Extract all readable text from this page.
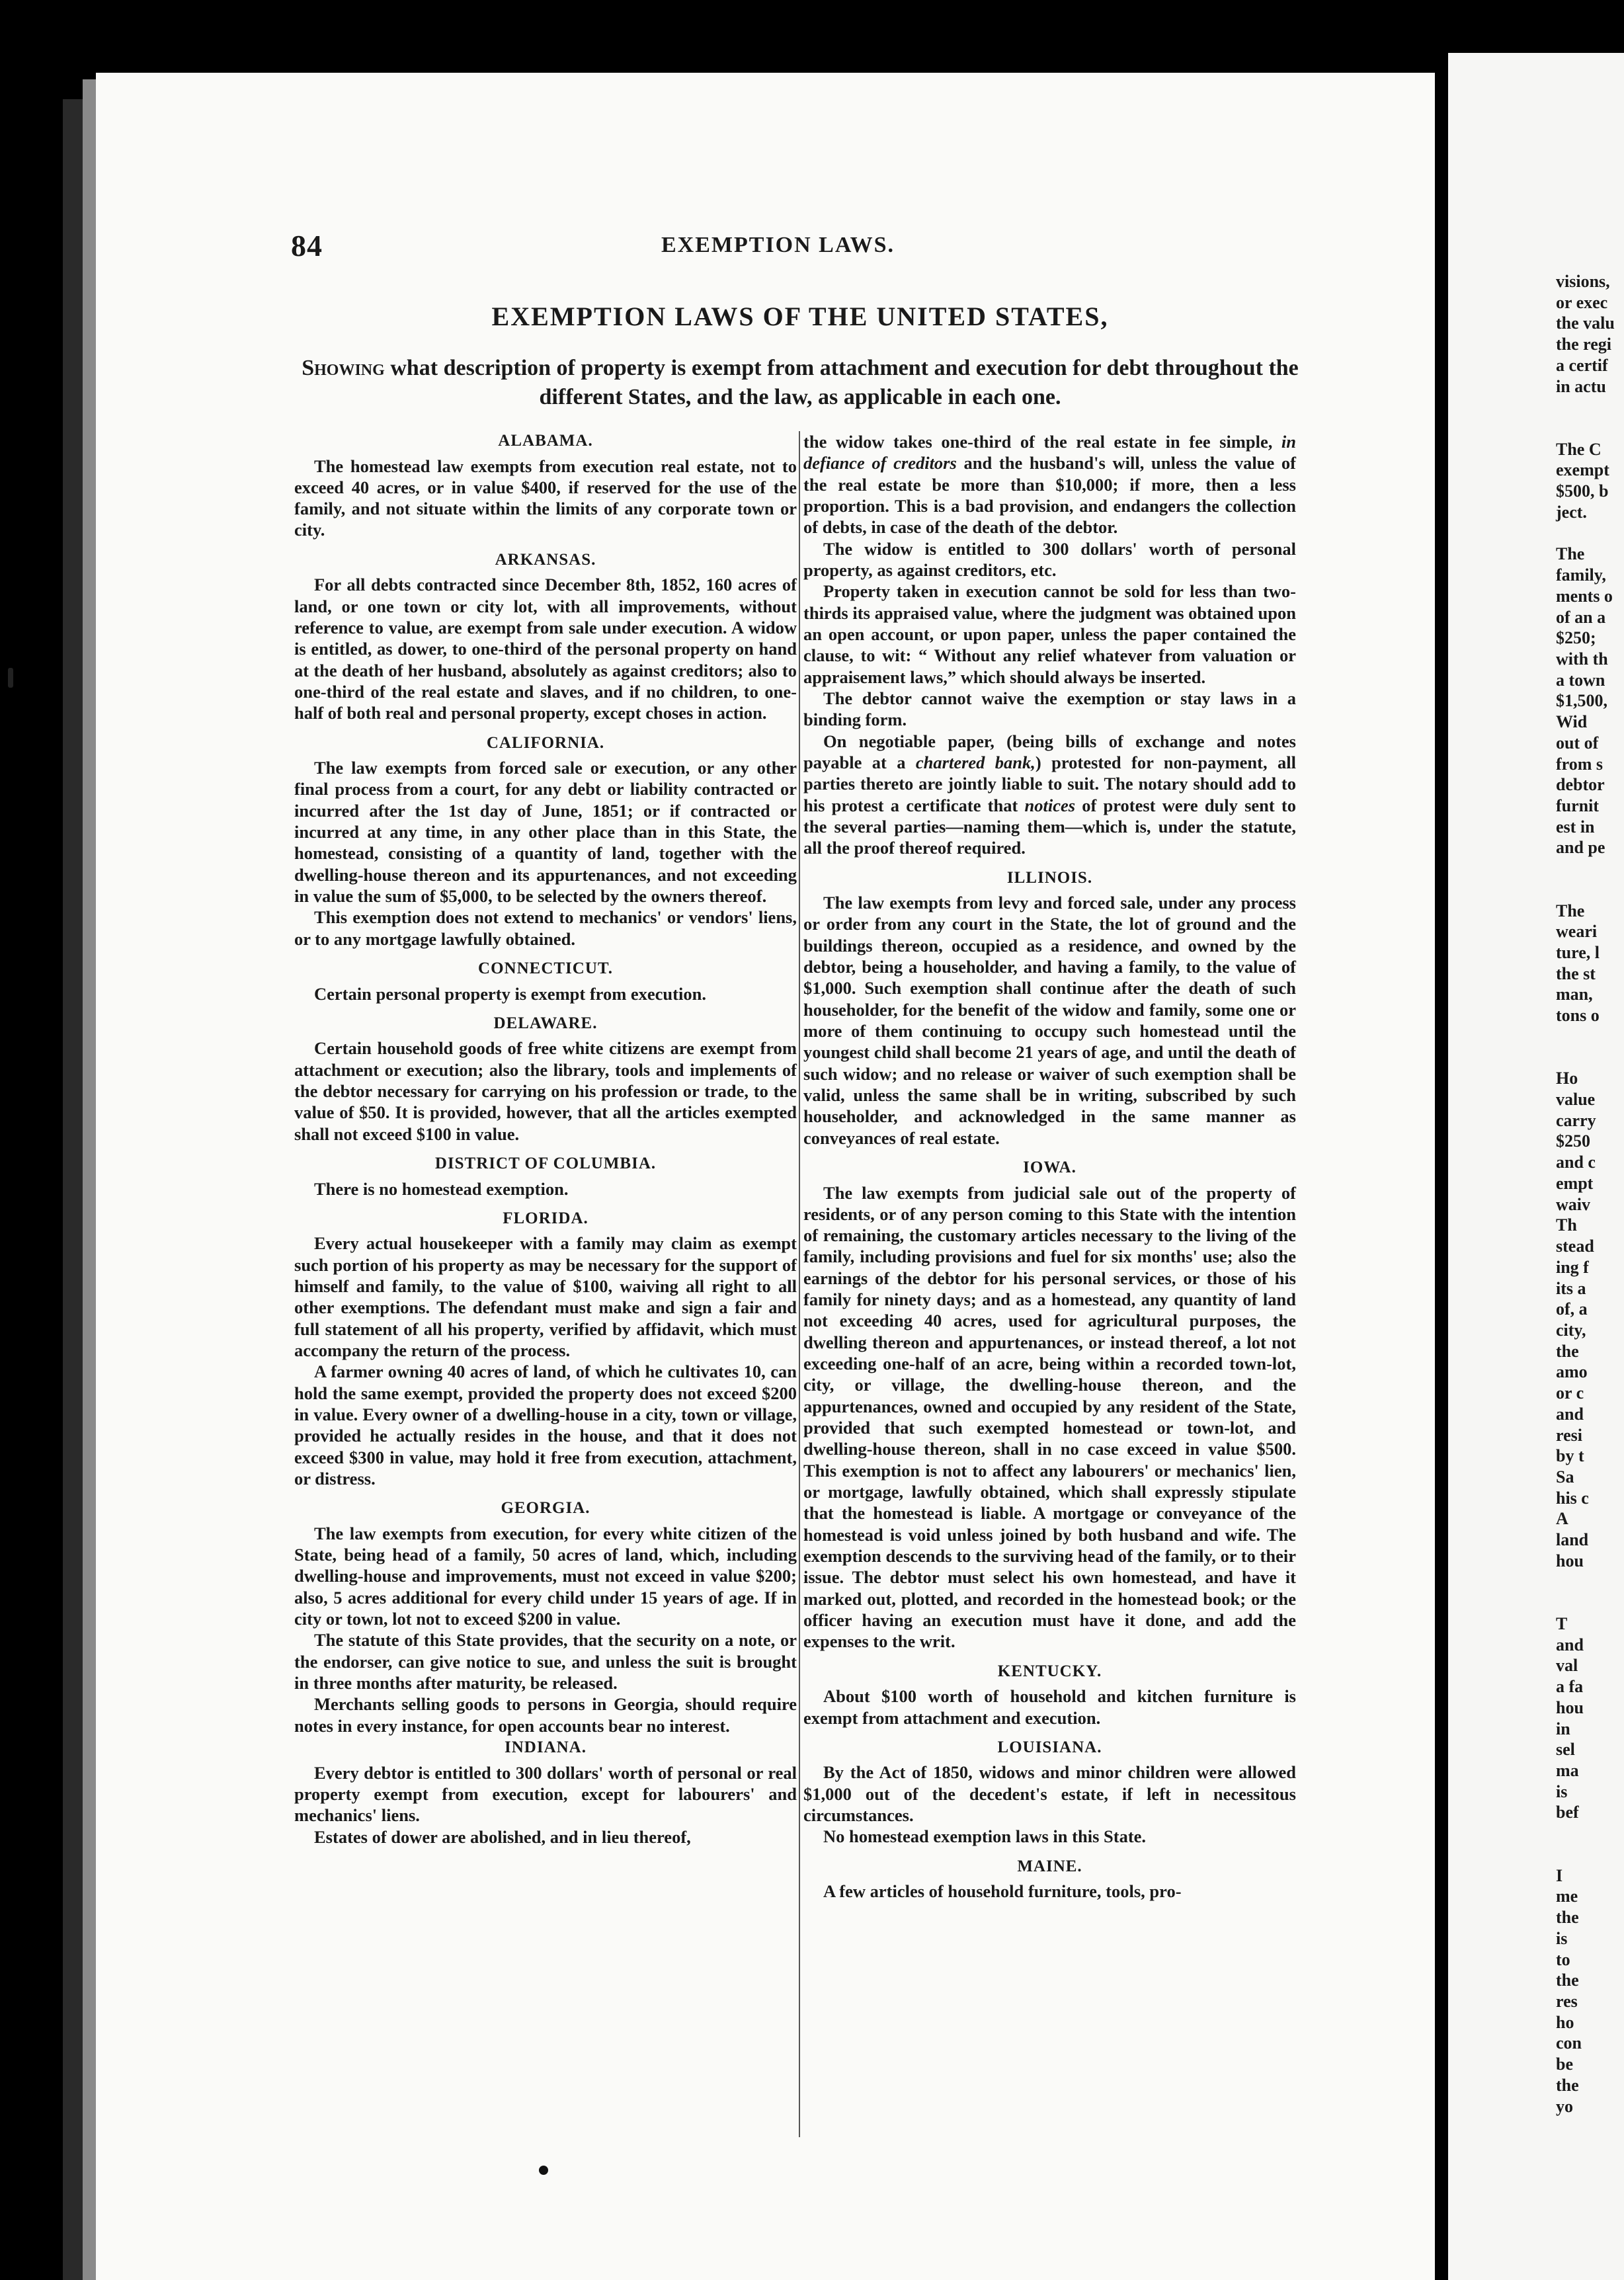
visions,
or exec
the valu
the regi
a certif
in actu

The C
exempt
$500, b
ject.

The
family,
ments o
of an a
$250;
with th
a town
$1,500,
Wid
out of
from s
debtor
furnit
est in
and pe

The
weari
ture, l
the st
man,
tons o

Ho
value
carry
$250
and c
empt
waiv
Th
stead
ing f
its a
of, a
city,
the
amo
or c
and
resi
by t
Sa
his c
A
land
hou

T
and
val
a fa
hou
in
sel
ma
is
bef

I
me
the
is
to
the
res
ho
con
be
the
yo
84	EXEMPTION LAWS.
EXEMPTION LAWS OF THE UNITED STATES,
Showing what description of property is exempt from attachment and execution for debt throughout the different States, and the law, as applicable in each one.
ALABAMA.

The homestead law exempts from execution real estate, not to exceed 40 acres, or in value $400, if reserved for the use of the family, and not situate within the limits of any corporate town or city.

ARKANSAS.

For all debts contracted since December 8th, 1852, 160 acres of land, or one town or city lot, with all improvements, without reference to value, are exempt from sale under execution. A widow is entitled, as dower, to one-third of the personal property on hand at the death of her husband, absolutely as against creditors; also to one-third of the real estate and slaves, and if no children, to one-half of both real and personal property, except choses in action.

CALIFORNIA.

The law exempts from forced sale or execution, or any other final process from a court, for any debt or liability contracted or incurred after the 1st day of June, 1851; or if contracted or incurred at any time, in any other place than in this State, the homestead, consisting of a quantity of land, together with the dwelling-house thereon and its appurtenances, and not exceeding in value the sum of $5,000, to be selected by the owners thereof.

This exemption does not extend to mechanics' or vendors' liens, or to any mortgage lawfully obtained.

CONNECTICUT.

Certain personal property is exempt from execution.

DELAWARE.

Certain household goods of free white citizens are exempt from attachment or execution; also the library, tools and implements of the debtor necessary for carrying on his profession or trade, to the value of $50. It is provided, however, that all the articles exempted shall not exceed $100 in value.

DISTRICT OF COLUMBIA.

There is no homestead exemption.

FLORIDA.

Every actual housekeeper with a family may claim as exempt such portion of his property as may be necessary for the support of himself and family, to the value of $100, waiving all right to all other exemptions. The defendant must make and sign a fair and full statement of all his property, verified by affidavit, which must accompany the return of the process.

A farmer owning 40 acres of land, of which he cultivates 10, can hold the same exempt, provided the property does not exceed $200 in value. Every owner of a dwelling-house in a city, town or village, provided he actually resides in the house, and that it does not exceed $300 in value, may hold it free from execution, attachment, or distress.

GEORGIA.

The law exempts from execution, for every white citizen of the State, being head of a family, 50 acres of land, which, including dwelling-house and improvements, must not exceed in value $200; also, 5 acres additional for every child under 15 years of age. If in city or town, lot not to exceed $200 in value.

The statute of this State provides, that the security on a note, or the endorser, can give notice to sue, and unless the suit is brought in three months after maturity, be released.

Merchants selling goods to persons in Georgia, should require notes in every instance, for open accounts bear no interest.

INDIANA.

Every debtor is entitled to 300 dollars' worth of personal or real property exempt from execution, except for labourers' and mechanics' liens.

Estates of dower are abolished, and in lieu thereof,

the widow takes one-third of the real estate in fee simple, in defiance of creditors and the husband's will, unless the value of the real estate be more than $10,000; if more, then a less proportion. This is a bad provision, and endangers the collection of debts, in case of the death of the debtor.

The widow is entitled to 300 dollars' worth of personal property, as against creditors, etc.

Property taken in execution cannot be sold for less than two-thirds its appraised value, where the judgment was obtained upon an open account, or upon paper, unless the paper contained the clause, to wit: “ Without any relief whatever from valuation or appraisement laws,” which should always be inserted.

The debtor cannot waive the exemption or stay laws in a binding form.

On negotiable paper, (being bills of exchange and notes payable at a chartered bank,) protested for non-payment, all parties thereto are jointly liable to suit. The notary should add to his protest a certificate that notices of protest were duly sent to the several parties—naming them—which is, under the statute, all the proof thereof required.

ILLINOIS.

The law exempts from levy and forced sale, under any process or order from any court in the State, the lot of ground and the buildings thereon, occupied as a residence, and owned by the debtor, being a householder, and having a family, to the value of $1,000. Such exemption shall continue after the death of such householder, for the benefit of the widow and family, some one or more of them continuing to occupy such homestead until the youngest child shall become 21 years of age, and until the death of such widow; and no release or waiver of such exemption shall be valid, unless the same shall be in writing, subscribed by such householder, and acknowledged in the same manner as conveyances of real estate.

IOWA.

The law exempts from judicial sale out of the property of residents, or of any person coming to this State with the intention of remaining, the customary articles necessary to the living of the family, including provisions and fuel for six months' use; also the earnings of the debtor for his personal services, or those of his family for ninety days; and as a homestead, any quantity of land not exceeding 40 acres, used for agricultural purposes, the dwelling thereon and appurtenances, or instead thereof, a lot not exceeding one-half of an acre, being within a recorded town-lot, city, or village, the dwelling-house thereon, and the appurtenances, owned and occupied by any resident of the State, provided that such exempted homestead or town-lot, and dwelling-house thereon, shall in no case exceed in value $500. This exemption is not to affect any labourers' or mechanics' lien, or mortgage, lawfully obtained, which shall expressly stipulate that the homestead is liable. A mortgage or conveyance of the homestead is void unless joined by both husband and wife. The exemption descends to the surviving head of the family, or to their issue. The debtor must select his own homestead, and have it marked out, plotted, and recorded in the homestead book; or the officer having an execution must have it done, and add the expenses to the writ.

KENTUCKY.

About $100 worth of household and kitchen furniture is exempt from attachment and execution.

LOUISIANA.

By the Act of 1850, widows and minor children were allowed $1,000 out of the decedent's estate, if left in necessitous circumstances.

No homestead exemption laws in this State.

MAINE.

A few articles of household furniture, tools, pro-
